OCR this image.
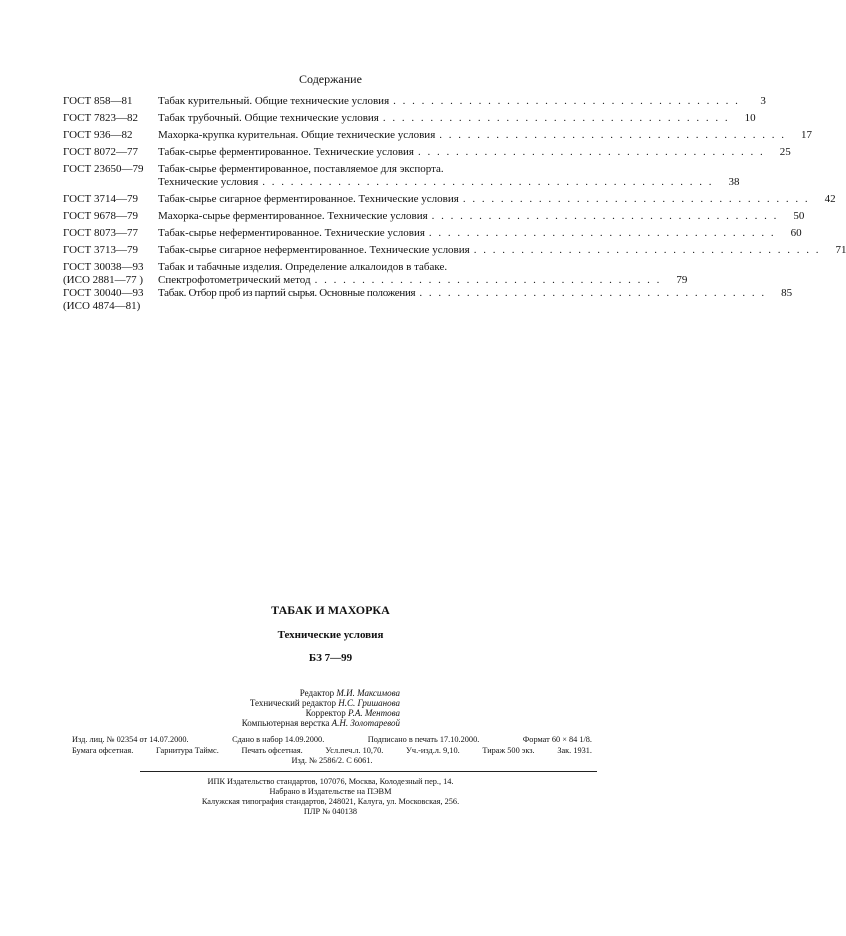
Содержание
ГОСТ 858—81	Табак курительный. Общие технические условия . . . . . . . . . . . . . . . . . . . . . . . . . . . . . . . . . . . . .	3
ГОСТ 7823—82	Табак трубочный. Общие технические условия . . . . . . . . . . . . . . . . . . . . . . . . . . . . . . . . . . . . .	10
ГОСТ 936—82	Махорка-крупка курительная. Общие технические условия . . . . . . . . . . . . . . . . . . . . . . . . . . . . . . . . . . . . .	17
ГОСТ 8072—77	Табак-сырье ферментированное. Технические условия . . . . . . . . . . . . . . . . . . . . . . . . . . . . . . . . . . . . .	25
ГОСТ 23650—79	Табак-сырье ферментированное, поставляемое для экспорта.
Технические условия . . . . . . . . . . . . . . . . . . . . . . . . . . . . . . . . . . . . . . . . . . . . . . . .	38
ГОСТ 3714—79	Табак-сырье сигарное ферментированное. Технические условия . . . . . . . . . . . . . . . . . . . . . . . . . . . . . . . . . . . . .	42
ГОСТ 9678—79	Махорка-сырье ферментированное. Технические условия . . . . . . . . . . . . . . . . . . . . . . . . . . . . . . . . . . . . .	50
ГОСТ 8073—77	Табак-сырье неферментированное. Технические условия . . . . . . . . . . . . . . . . . . . . . . . . . . . . . . . . . . . . .	60
ГОСТ 3713—79	Табак-сырье сигарное неферментированное. Технические условия . . . . . . . . . . . . . . . . . . . . . . . . . . . . . . . . . . . . .	71
ГОСТ 30038—93
(ИСО 2881—77 )
Табак и табачные изделия. Определение алкалоидов в табаке.
Спектрофотометрический метод . . . . . . . . . . . . . . . . . . . . . . . . . . . . . . . . . . . . .	79
ГОСТ 30040—93
(ИСО 4874—81)
Табак. Отбор проб из партий сырья. Основные положения . . . . . . . . . . . . . . . . . . . . . . . . . . . . . . . . . . . . .	85
ТАБАК И МАХОРКА
Технические условия
БЗ 7—99
Редактор М.И. Максимова
Технический редактор Н.С. Гришанова
Корректор Р.А. Ментова
Компьютерная верстка А.Н. Золотаревой
Изд. лиц. № 02354 от 14.07.2000.	Сдано в набор 14.09.2000.	Подписано в печать 17.10.2000.	Формат 60 × 84 1/8.
Бумага офсетная.	Гарнитура Таймс.	Печать офсетная.	Усл.печ.л. 10,70.	Уч.-изд.л. 9,10.	Тираж 500 экз.	Зак. 1931.
Изд. № 2586/2. С 6061.
ИПК Издательство стандартов, 107076, Москва, Колодезный пер., 14.
Набрано в Издательстве на ПЭВМ
Калужская типография стандартов, 248021, Калуга, ул. Московская, 256.
ПЛР № 040138
